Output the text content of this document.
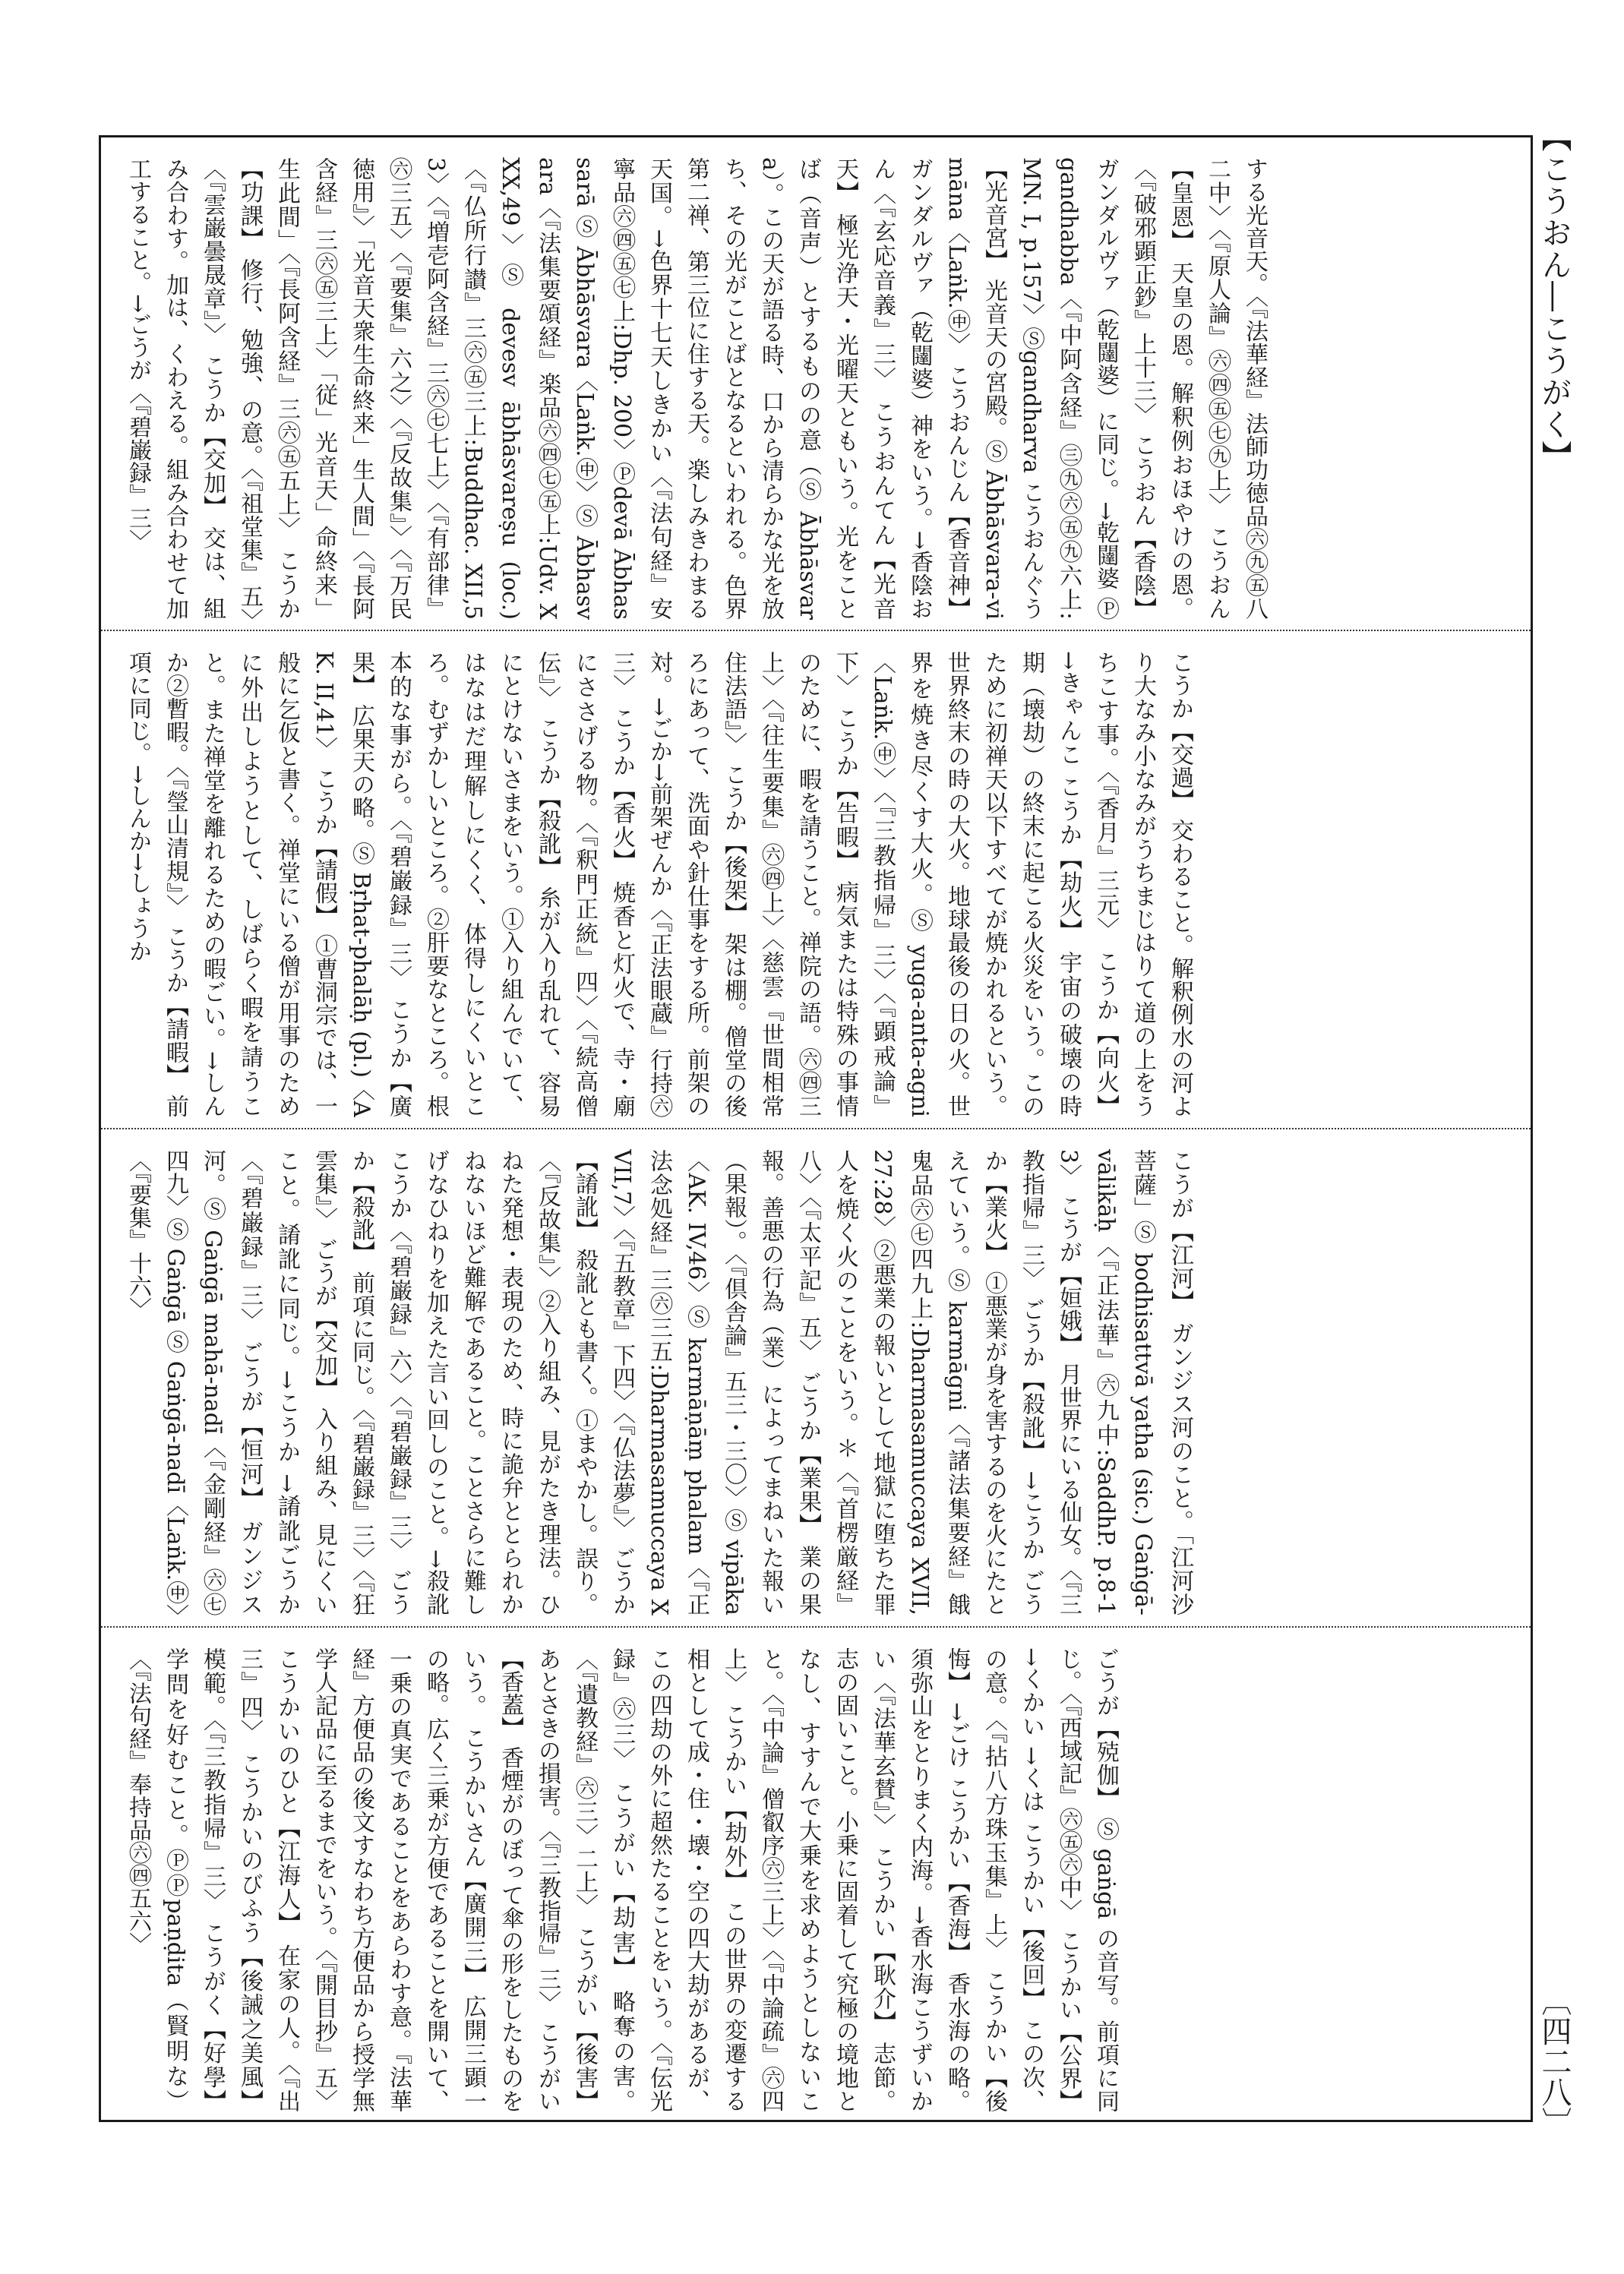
【こうおん―こうがく】
する光音天。〈『法華経』法師功徳品㊅㊈㊄八二中〉〈『原人論』㊅㊃㊄㊆㊈上〉 こうおん【皇恩】 天皇の恩。解釈例おほやけの恩。〈『破邪顕正鈔』上十三〉 こうおん【香陰】 ガンダルヴァ（乾闥婆）に同じ。→乾闥婆 Ⓟgandhabba〈『中阿含経』㊂㊈㊅㊄㊈六上:MN. I, p.157〉Ⓢgandharva こうおんぐう【光音宮】 光音天の宮殿。Ⓢ Ābhāsvara-vimāna〈Laṅk.㊥〉 こうおんじん【香音神】 ガンダルヴァ（乾闥婆）神をいう。→香陰おん〈『玄応音義』三〉 こうおんてん【光音天】 極光浄天・光曜天ともいう。光をことば（音声）とするものの意（Ⓢ Ābhāsvara）。この天が語る時、口から清らかな光を放ち、その光がことばとなるといわれる。色界第二禅、第三位に住する天。楽しみきわまる天国。→色界十七天しきかい〈『法句経』安寧品㊅㊃㊄㊆上:Dhp. 200〉Ⓟdevā Ābhassarā Ⓢ Ābhāsvara〈Laṅk.㊥〉Ⓢ Ābhasvara〈『法集要頌経』楽品㊅㊃㊆㊄上:Udv. XXX,49〉Ⓢ devesv ābhāsvareṣu (loc.)〈『仏所行讃』三㊅㊄三上:Buddhac. XII,53〉〈『増壱阿含経』三㊅㊆七上〉〈『有部律』㊅三五〉〈『要集』六之〉〈『反故集』〉〈『万民徳用』〉「光音天衆生命終来」生人間」〈『長阿含経』三㊅㊄三上〉「従」光音天」命終来」生此間」〈『長阿含経』三㊅㊄五上〉 こうか【功課】 修行、勉強、の意。〈『祖堂集』五〉〈『雲巌曇晟章』〉 こうか【交加】 交は、組み合わす。加は、くわえる。組み合わせて加工すること。→ごうが〈『碧巌録』三〉
こうか【交過】 交わること。解釈例水の河より大なみ小なみがうちまじはりて道の上をうちこす事。〈『香月』三元〉 こうか【向火】 →きゃんこ こうか【劫火】 宇宙の破壊の時期（壊劫）の終末に起こる火災をいう。このために初禅天以下すべてが焼かれるという。世界終末の時の大火。地球最後の日の火。世界を焼き尽くす大火。Ⓢ yuga-anta-agni〈Laṅk.㊥〉〈『三教指帰』三〉〈『顕戒論』下〉 こうか【告暇】 病気または特殊の事情のために、暇を請うこと。禅院の語。㊅㊃三上〉〈『往生要集』㊅㊃上〉〈慈雲『世間相常住法語』〉 こうか【後架】 架は棚。僧堂の後ろにあって、洗面や針仕事をする所。前架の対。→ごか→前架ぜんか〈『正法眼蔵』行持㊅三〉 こうか【香火】 焼香と灯火で、寺・廟にささげる物。〈『釈門正統』四〉〈『続高僧伝』〉 こうか【殺訛】 糸が入り乱れて、容易にとけないさまをいう。①入り組んでいて、はなはだ理解しにくく、体得しにくいところ。むずかしいところ。②肝要なところ。根本的な事がら。〈『碧巌録』三〉 こうか【廣果】 広果天の略。Ⓢ Bṛhat-phalāḥ (pl.)〈AK. II,41〉 こうか【請假】 ①曹洞宗では、一般に乞仮と書く。禅堂にいる僧が用事のために外出しようとして、しばらく暇を請うこと。また禅堂を離れるための暇ごい。→しんか②暫暇。〈『瑩山清規』〉 こうか【請暇】 前項に同じ。→しんか→しょうか
こうが【江河】 ガンジス河のこと。「江河沙菩薩」Ⓢ bodhisattvā yatha (sic.) Gaṅgā-vālikāḥ〈『正法華』㊅九中:SaddhP. p.8-13〉 こうが【姮娥】 月世界にいる仙女。〈『三教指帰』三〉 ごうか【殺訛】 →こうか ごうか【業火】 ①悪業が身を害するのを火にたとえていう。Ⓢ karmāgni〈『諸法集要経』餓鬼品㊅㊆四九上:Dharmasamuccaya XVII,27:28〉②悪業の報いとして地獄に堕ちた罪人を焼く火のことをいう。＊〈『首楞厳経』八〉〈『太平記』五〉 ごうか【業果】 業の果報。善悪の行為（業）によってまねいた報い（果報）。〈『倶舎論』五三・三〇〉Ⓢ vipāka〈AK. IV,46〉Ⓢ karmāṇāṃ phalam〈『正法念処経』三㊅三五:Dharmasamuccaya XVII,7〉〈『五教章』下四〉〈『仏法夢』〉 ごうか【誵訛】 殺訛とも書く。①まやかし。誤り。〈『反故集』〉②入り組み、見がたき理法。ひねた発想・表現のため、時に詭弁ととられかねないほど難解であること。ことさらに難しげなひねりを加えた言い回しのこと。→殺訛こうか〈『碧巌録』六〉〈『碧巌録』三〉 ごうか【殺訛】 前項に同じ。〈『碧巌録』三〉〈『狂雲集』〉 ごうが【交加】 入り組み、見にくいこと。誵訛に同じ。→こうか →誵訛ごうか〈『碧巌録』三〉 ごうが【恒河】 ガンジス河。Ⓢ Gaṅgā mahā-nadī〈『金剛経』㊅㊆四九〉Ⓢ Gaṅgā Ⓢ Gaṅgā-nadī〈Laṅk.㊥〉〈『要集』十六〉
ごうが【殑伽】 Ⓢ gaṅgā の音写。前項に同じ。〈『西域記』㊅㊄㊅中〉 こうかい【公界】 →くかい →くは こうかい【後回】 この次、の意。〈『拈八方珠玉集』上〉 こうかい【後悔】 →ごけ こうかい【香海】 香水海の略。須弥山をとりまく内海。→香水海こうずいかい〈『法華玄賛』〉 こうかい【耿介】 志節。志の固いこと。小乗に固着して究極の境地となし、すすんで大乗を求めようとしないこと。〈『中論』僧叡序㊅三上〉〈『中論疏』㊅四上〉 こうかい【劫外】 この世界の変遷する相として成・住・壊・空の四大劫があるが、この四劫の外に超然たることをいう。〈『伝光録』㊅三〉 こうがい【劫害】 略奪の害。〈『遺教経』㊅三〉二上〉 こうがい【後害】 あとさきの損害。〈『三教指帰』三〉 こうがい【香蓋】 香煙がのぼって傘の形をしたものをいう。 こうかいさん【廣開三】 広開三顕一の略。広く三乗が方便であることを開いて、一乗の真実であることをあらわす意。『法華経』方便品の後文すなわち方便品から授学無学人記品に至るまでをいう。〈『開目抄』五〉 こうかいのひと【江海人】 在家の人。〈『出三』四〉 こうかいのびふう【後誡之美風】 模範。〈『三教指帰』三〉 こうがく【好學】 学問を好むこと。ⓅⓅpaṇḍita（賢明な）〈『法句経』奉持品㊅㊃五六〉
〔四二八〕
